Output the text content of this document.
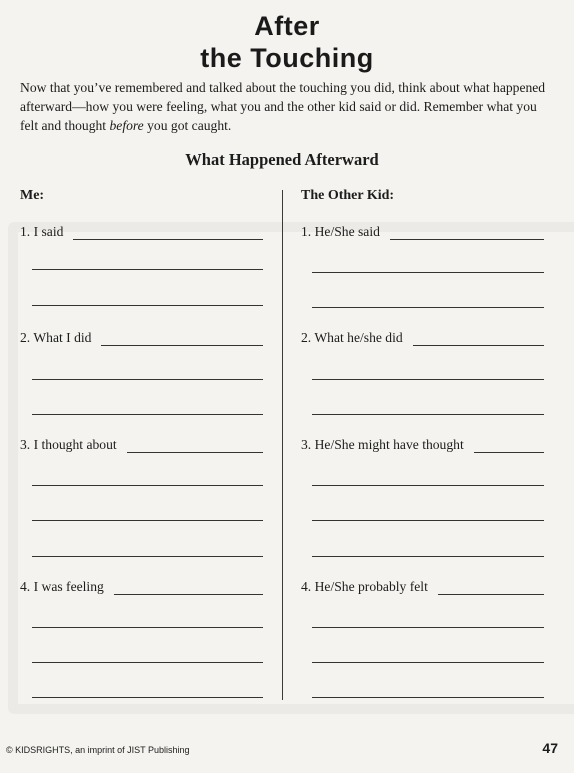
After
the Touching
Now that you’ve remembered and talked about the touching you did, think about what happened afterward—how you were feeling, what you and the other kid said or did. Remember what you felt and thought before you got caught.
What Happened Afterward
Me:	The Other Kid:
1. I said
2. What I did
3. I thought about
4. I was feeling
1. He/She said
2. What he/she did
3. He/She might have thought
4. He/She probably felt
© KIDSRIGHTS, an imprint of JIST Publishing	47
